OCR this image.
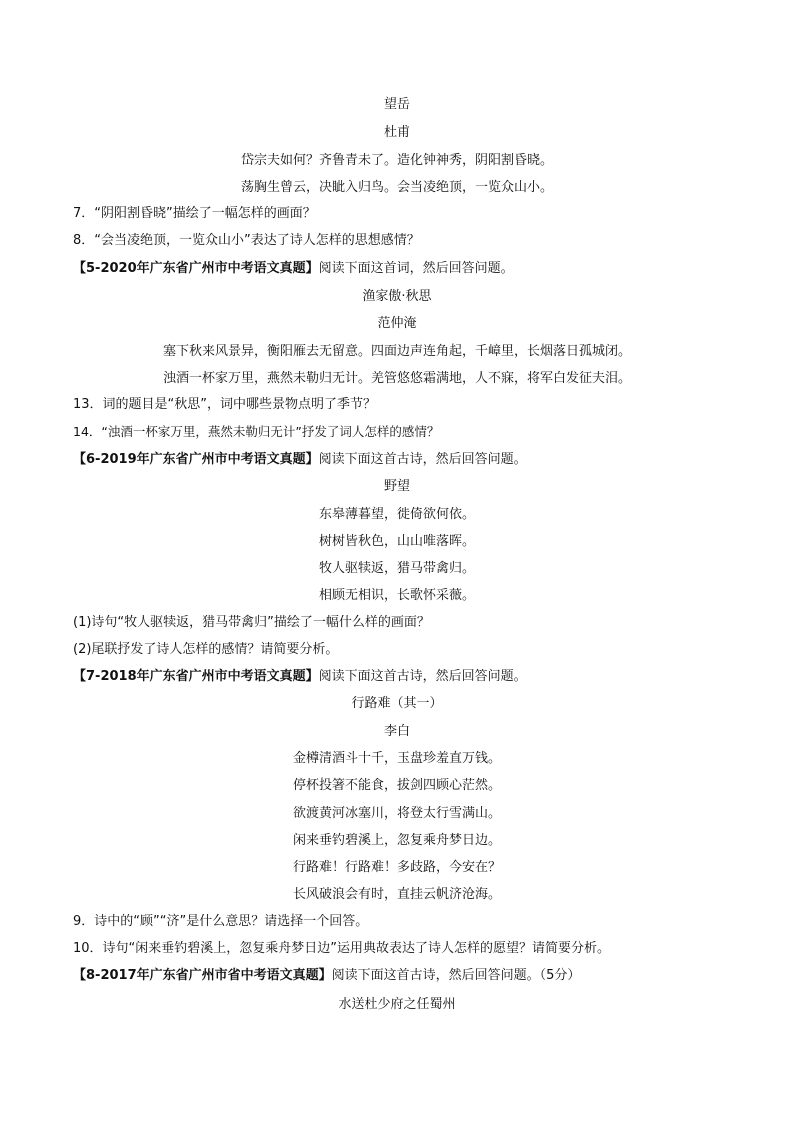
望岳
杜甫
岱宗夫如何？齐鲁青未了。造化钟神秀，阴阳割昏晓。
荡胸生曾云，决眦入归鸟。会当凌绝顶，一览众山小。
7．“阴阳割昏晓”描绘了一幅怎样的画面？
8．“会当凌绝顶，一览众山小”表达了诗人怎样的思想感情？
【5-2020年广东省广州市中考语文真题】阅读下面这首词，然后回答问题。
渔家傲·秋思
范仲淹
塞下秋来风景异，衡阳雁去无留意。四面边声连角起，千嶂里，长烟落日孤城闭。
浊酒一杯家万里，燕然未勒归无计。羌管悠悠霜满地，人不寐，将军白发征夫泪。
13．词的题目是“秋思”，词中哪些景物点明了季节？
14．“浊酒一杯家万里，燕然未勒归无计”抒发了词人怎样的感情？
【6-2019年广东省广州市中考语文真题】阅读下面这首古诗，然后回答问题。
野望
东皋薄暮望，徙倚欲何依。
树树皆秋色，山山唯落晖。
牧人驱犊返，猎马带禽归。
相顾无相识，长歌怀采薇。
(1)诗句“牧人驱犊返，猎马带禽归”描绘了一幅什么样的画面？
(2)尾联抒发了诗人怎样的感情？请简要分析。
【7-2018年广东省广州市中考语文真题】阅读下面这首古诗，然后回答问题。
行路难（其一）
李白
金樽清酒斗十千，玉盘珍羞直万钱。
停杯投箸不能食，拔剑四顾心茫然。
欲渡黄河冰塞川，将登太行雪满山。
闲来垂钓碧溪上，忽复乘舟梦日边。
行路难！行路难！多歧路，今安在？
长风破浪会有时，直挂云帆济沧海。
9．诗中的“顾”“济”是什么意思？请选择一个回答。
10．诗句“闲来垂钓碧溪上，忽复乘舟梦日边”运用典故表达了诗人怎样的愿望？请简要分析。
【8-2017年广东省广州市省中考语文真题】阅读下面这首古诗，然后回答问题。（5分）
水送杜少府之任蜀州
